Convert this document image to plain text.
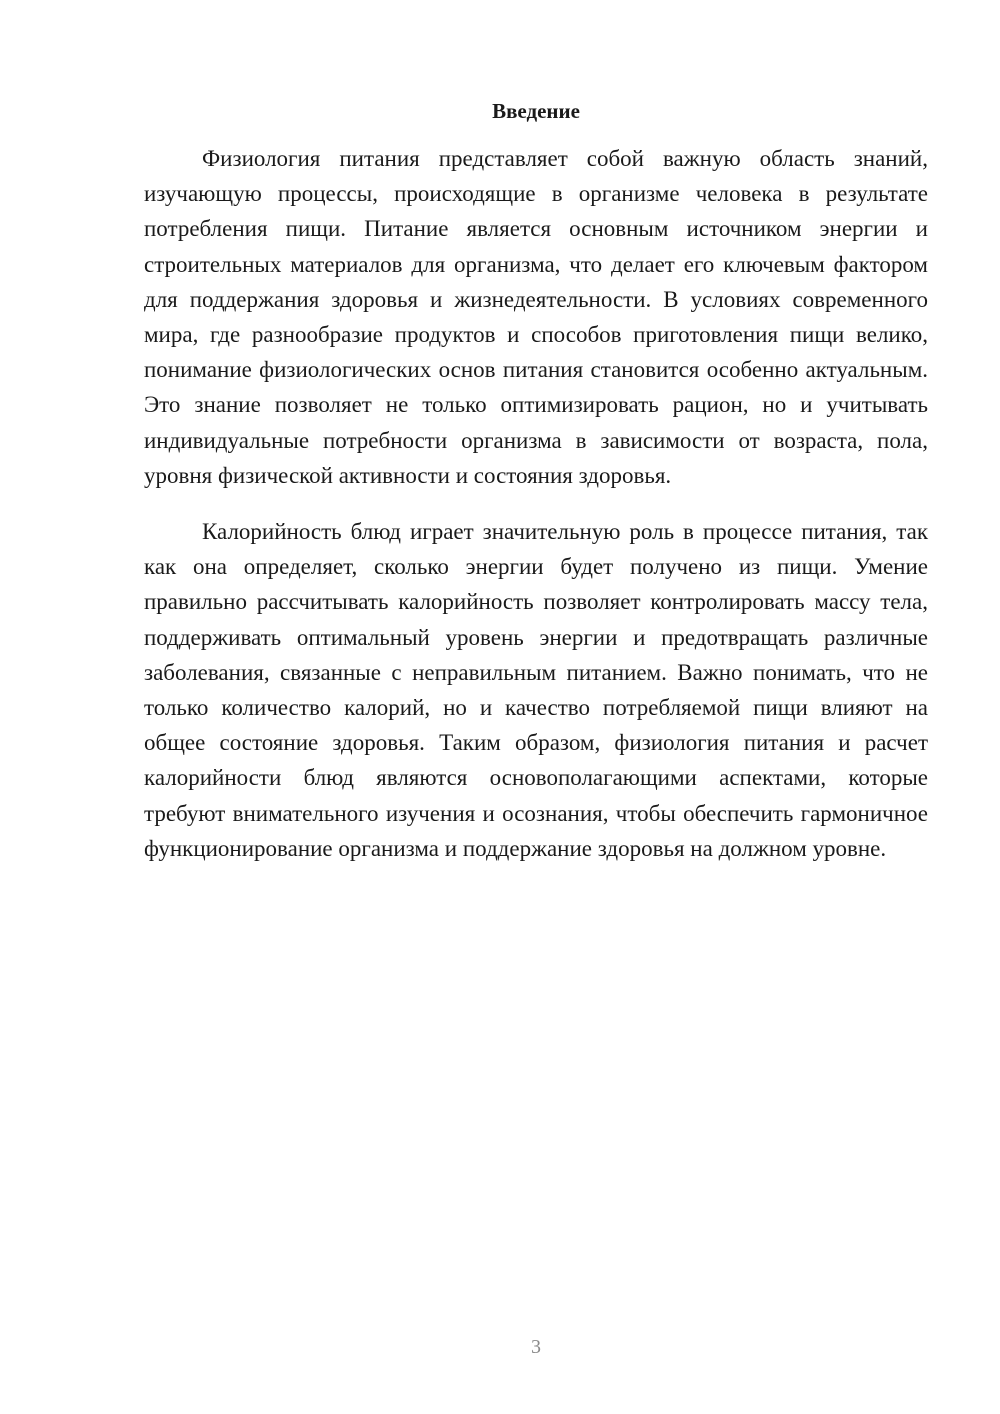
Введение

Физиология питания представляет собой важную область знаний, изучающую процессы, происходящие в организме человека в результате потребления пищи. Питание является основным источником энергии и строительных материалов для организма, что делает его ключевым фактором для поддержания здоровья и жизнедеятельности. В условиях современного мира, где разнообразие продуктов и способов приготовления пищи велико, понимание физиологических основ питания становится особенно актуальным. Это знание позволяет не только оптимизировать рацион, но и учитывать индивидуальные потребности организма в зависимости от возраста, пола, уровня физической активности и состояния здоровья.

Калорийность блюд играет значительную роль в процессе питания, так как она определяет, сколько энергии будет получено из пищи. Умение правильно рассчитывать калорийность позволяет контролировать массу тела, поддерживать оптимальный уровень энергии и предотвращать различные заболевания, связанные с неправильным питанием. Важно понимать, что не только количество калорий, но и качество потребляемой пищи влияют на общее состояние здоровья. Таким образом, физиология питания и расчет калорийности блюд являются основополагающими аспектами, которые требуют внимательного изучения и осознания, чтобы обеспечить гармоничное функционирование организма и поддержание здоровья на должном уровне.

3
